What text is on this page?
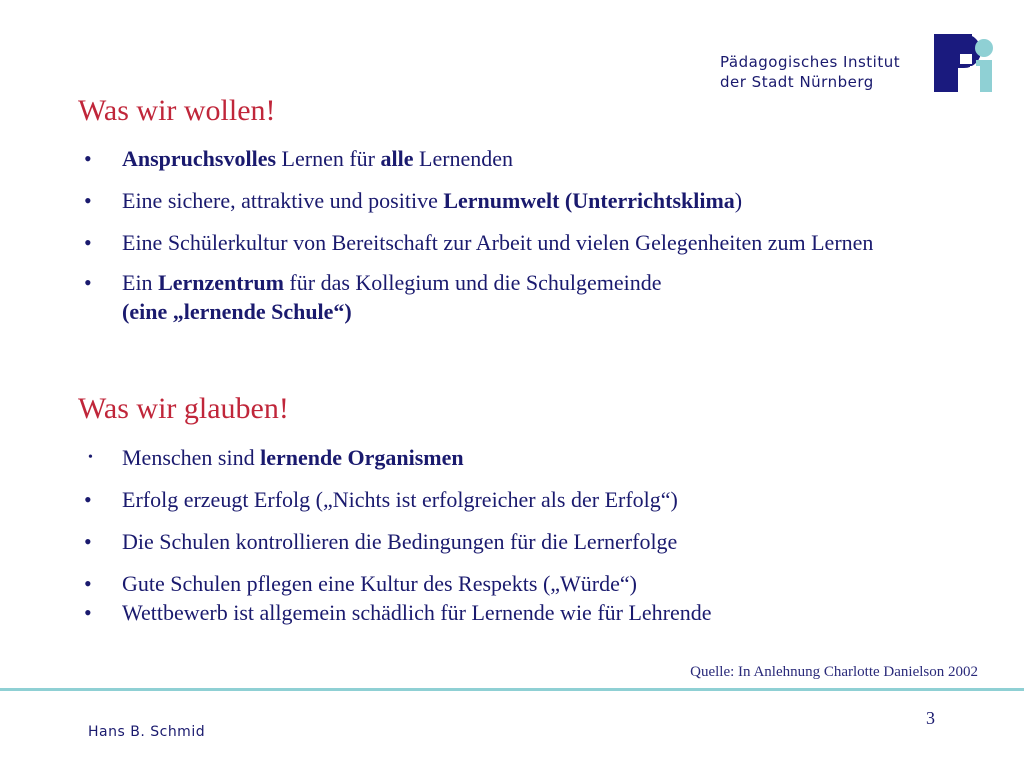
Pädagogisches Institut
der Stadt Nürnberg
Was wir wollen!
• Anspruchsvolles Lernen für alle Lernenden
• Eine sichere, attraktive und positive Lernumwelt (Unterrichtsklima)
• Eine Schülerkultur von Bereitschaft zur Arbeit und vielen Gelegenheiten zum Lernen
• Ein Lernzentrum für das Kollegium und die Schulgemeinde
(eine „lernende Schule“)
Was wir glauben!
• Menschen sind lernende Organismen
• Erfolg erzeugt Erfolg („Nichts ist erfolgreicher als der Erfolg“)
• Die Schulen kontrollieren die Bedingungen für die Lernerfolge
• Gute Schulen pflegen eine Kultur des Respekts („Würde“)
• Wettbewerb ist allgemein schädlich für Lernende wie für Lehrende
Quelle: In Anlehnung Charlotte Danielson 2002
3
Hans B. Schmid
